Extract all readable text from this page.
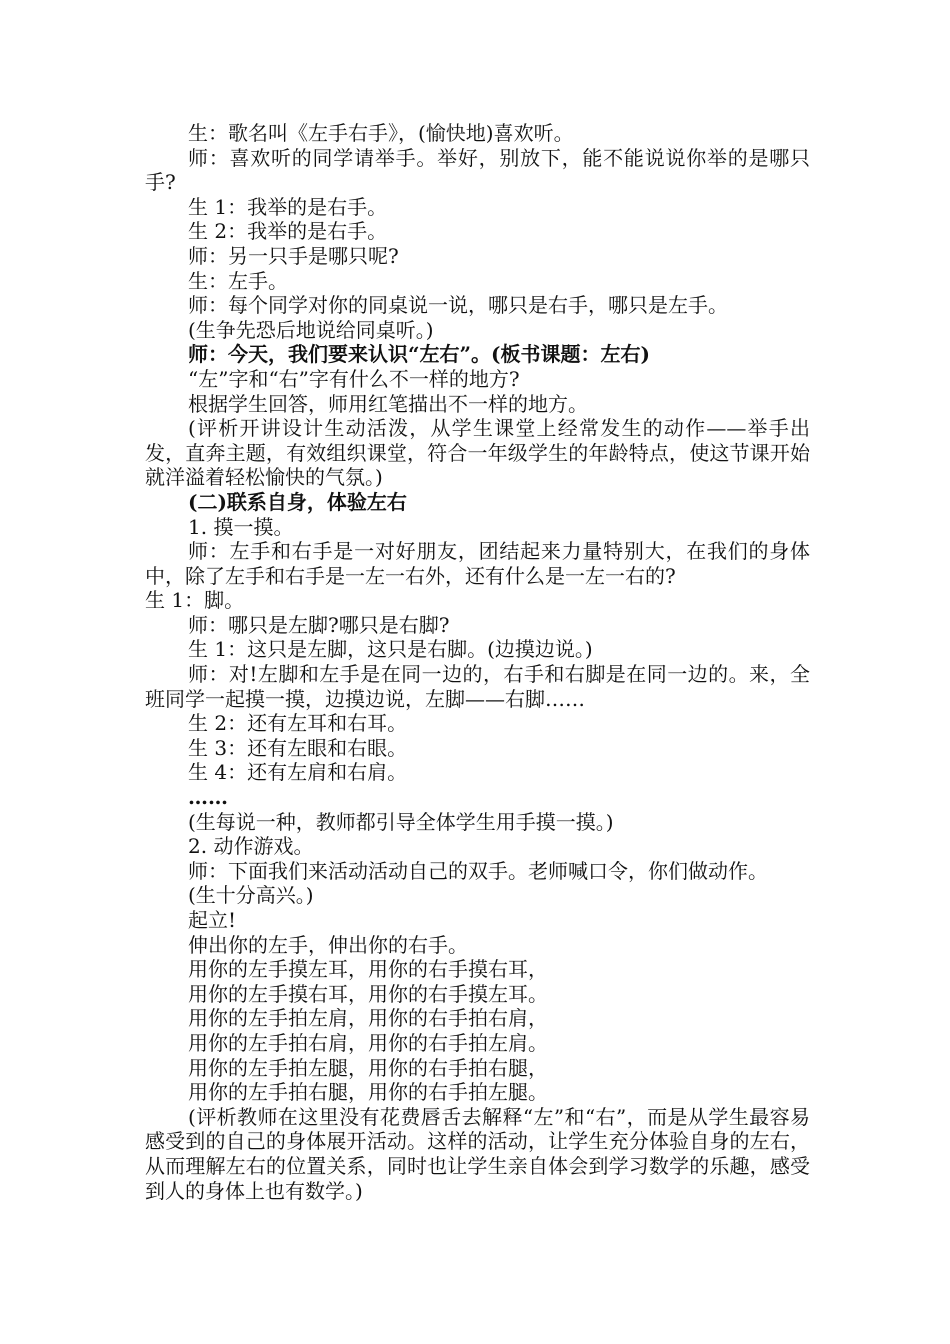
生：歌名叫《左手右手》，(愉快地)喜欢听。

师：喜欢听的同学请举手。举好，别放下，能不能说说你举的是哪只手?

生 1：我举的是右手。

生 2：我举的是右手。

师：另一只手是哪只呢?

生：左手。

师：每个同学对你的同桌说一说，哪只是右手，哪只是左手。

(生争先恐后地说给同桌听。)

师：今天，我们要来认识“左右”。(板书课题：左右)

“左”字和“右”字有什么不一样的地方?

根据学生回答，师用红笔描出不一样的地方。

(评析开讲设计生动活泼，从学生课堂上经常发生的动作——举手出发，直奔主题，有效组织课堂，符合一年级学生的年龄特点，使这节课开始就洋溢着轻松愉快的气氛。)

(二)联系自身，体验左右

1. 摸一摸。

师：左手和右手是一对好朋友，团结起来力量特别大，在我们的身体中，除了左手和右手是一左一右外，还有什么是一左一右的?

生 1：脚。

师：哪只是左脚?哪只是右脚?

生 1：这只是左脚，这只是右脚。(边摸边说。)

师：对!左脚和左手是在同一边的，右手和右脚是在同一边的。来，全班同学一起摸一摸，边摸边说，左脚——右脚……

生 2：还有左耳和右耳。

生 3：还有左眼和右眼。

生 4：还有左肩和右肩。

……

(生每说一种，教师都引导全体学生用手摸一摸。)

2. 动作游戏。

师：下面我们来活动活动自己的双手。老师喊口令，你们做动作。

(生十分高兴。)

起立!

伸出你的左手，伸出你的右手。

用你的左手摸左耳，用你的右手摸右耳，

用你的左手摸右耳，用你的右手摸左耳。

用你的左手拍左肩，用你的右手拍右肩，

用你的左手拍右肩，用你的右手拍左肩。

用你的左手拍左腿，用你的右手拍右腿，

用你的左手拍右腿，用你的右手拍左腿。

(评析教师在这里没有花费唇舌去解释“左”和“右”，而是从学生最容易感受到的自己的身体展开活动。这样的活动，让学生充分体验自身的左右，从而理解左右的位置关系，同时也让学生亲自体会到学习数学的乐趣，感受到人的身体上也有数学。)
